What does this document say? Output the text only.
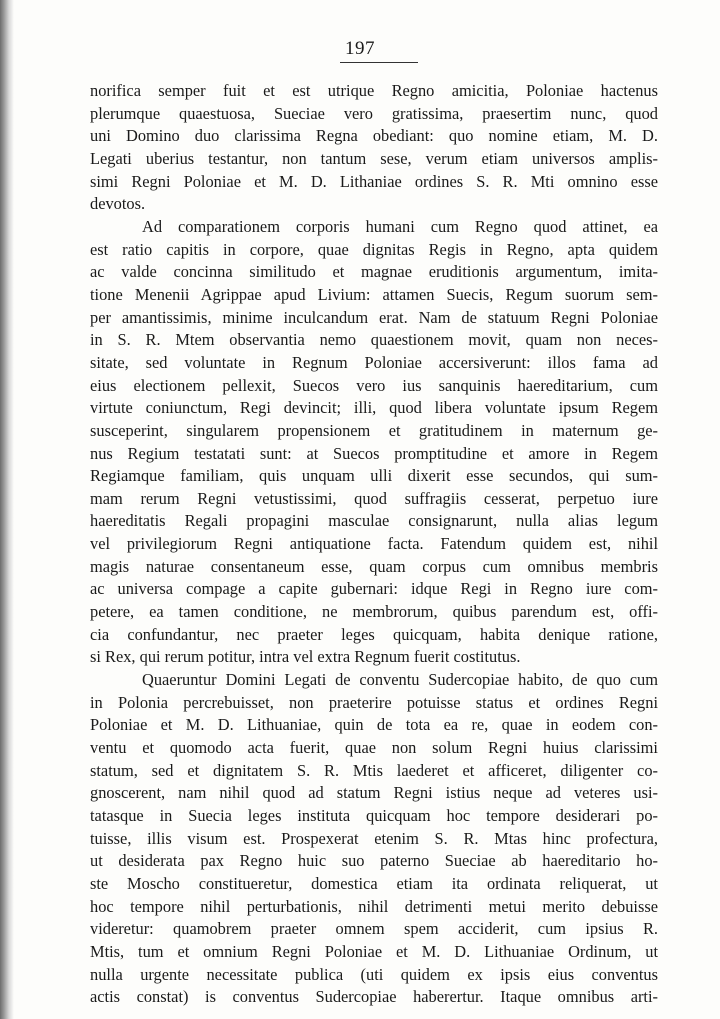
197
norifica semper fuit et est utrique Regno amicitia, Poloniae hactenus
plerumque quaestuosa, Sueciae vero gratissima, praesertim nunc, quod
uni Domino duo clarissima Regna obediant: quo nomine etiam, M. D.
Legati uberius testantur, non tantum sese, verum etiam universos amplis-
simi Regni Poloniae et M. D. Lithaniae ordines S. R. Mti omnino esse
devotos.
Ad comparationem corporis humani cum Regno quod attinet, ea
est ratio capitis in corpore, quae dignitas Regis in Regno, apta quidem
ac valde concinna similitudo et magnae eruditionis argumentum, imita-
tione Menenii Agrippae apud Livium: attamen Suecis, Regum suorum sem-
per amantissimis, minime inculcandum erat. Nam de statuum Regni Poloniae
in S. R. Mtem observantia nemo quaestionem movit, quam non neces-
sitate, sed voluntate in Regnum Poloniae accersiverunt: illos fama ad
eius electionem pellexit, Suecos vero ius sanquinis haereditarium, cum
virtute coniunctum, Regi devincit; illi, quod libera voluntate ipsum Regem
susceperint, singularem propensionem et gratitudinem in maternum ge-
nus Regium testatati sunt: at Suecos promptitudine et amore in Regem
Regiamque familiam, quis unquam ulli dixerit esse secundos, qui sum-
mam rerum Regni vetustissimi, quod suffragiis cesserat, perpetuo iure
haereditatis Regali propagini masculae consignarunt, nulla alias legum
vel privilegiorum Regni antiquatione facta. Fatendum quidem est, nihil
magis naturae consentaneum esse, quam corpus cum omnibus membris
ac universa compage a capite gubernari: idque Regi in Regno iure com-
petere, ea tamen conditione, ne membrorum, quibus parendum est, offi-
cia confundantur, nec praeter leges quicquam, habita denique ratione,
si Rex, qui rerum potitur, intra vel extra Regnum fuerit costitutus.
Quaeruntur Domini Legati de conventu Sudercopiae habito, de quo cum
in Polonia percrebuisset, non praeterire potuisse status et ordines Regni
Poloniae et M. D. Lithuaniae, quin de tota ea re, quae in eodem con-
ventu et quomodo acta fuerit, quae non solum Regni huius clarissimi
statum, sed et dignitatem S. R. Mtis laederet et afficeret, diligenter co-
gnoscerent, nam nihil quod ad statum Regni istius neque ad veteres usi-
tatasque in Suecia leges instituta quicquam hoc tempore desiderari po-
tuisse, illis visum est. Prospexerat etenim S. R. Mtas hinc profectura,
ut desiderata pax Regno huic suo paterno Sueciae ab haereditario ho-
ste Moscho constitueretur, domestica etiam ita ordinata reliquerat, ut
hoc tempore nihil perturbationis, nihil detrimenti metui merito debuisse
videretur: quamobrem praeter omnem spem acciderit, cum ipsius R.
Mtis, tum et omnium Regni Poloniae et M. D. Lithuaniae Ordinum, ut
nulla urgente necessitate publica (uti quidem ex ipsis eius conventus
actis constat) is conventus Sudercopiae haberertur. Itaque omnibus arti-
